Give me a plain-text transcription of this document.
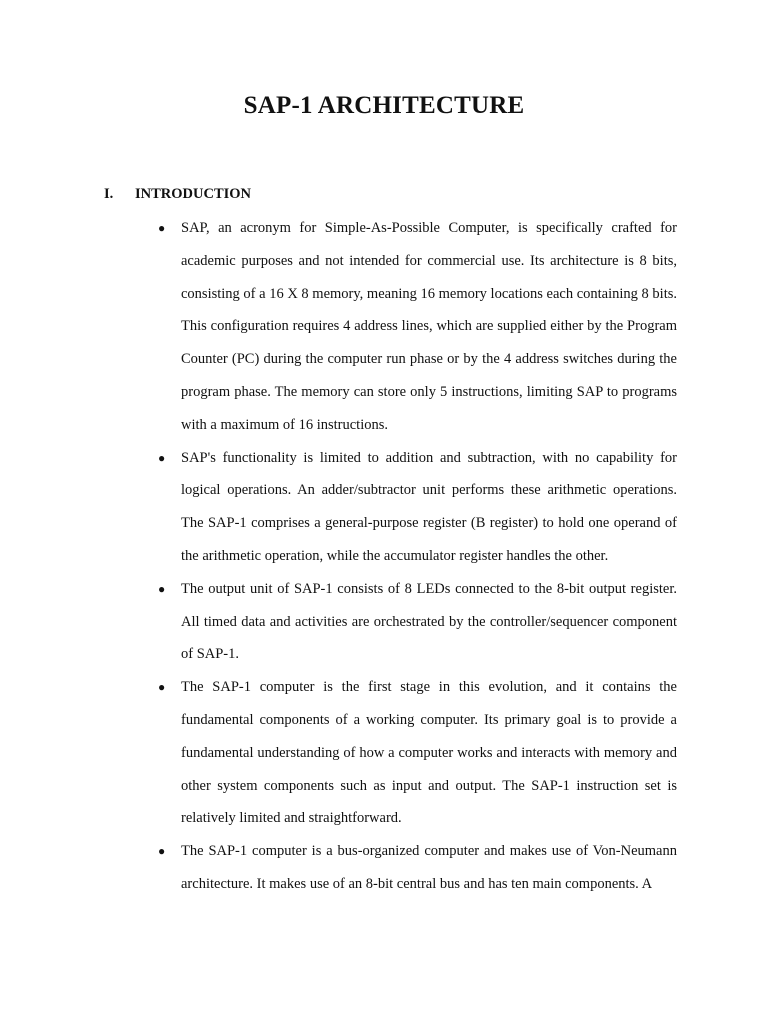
SAP-1 ARCHITECTURE
I.	INTRODUCTION
● SAP, an acronym for Simple-As-Possible Computer, is specifically crafted for academic purposes and not intended for commercial use. Its architecture is 8 bits, consisting of a 16 X 8 memory, meaning 16 memory locations each containing 8 bits. This configuration requires 4 address lines, which are supplied either by the Program Counter (PC) during the computer run phase or by the 4 address switches during the program phase. The memory can store only 5 instructions, limiting SAP to programs with a maximum of 16 instructions.
● SAP's functionality is limited to addition and subtraction, with no capability for logical operations. An adder/subtractor unit performs these arithmetic operations. The SAP-1 comprises a general-purpose register (B register) to hold one operand of the arithmetic operation, while the accumulator register handles the other.
● The output unit of SAP-1 consists of 8 LEDs connected to the 8-bit output register. All timed data and activities are orchestrated by the controller/sequencer component of SAP-1.
● The SAP-1 computer is the first stage in this evolution, and it contains the fundamental components of a working computer. Its primary goal is to provide a fundamental understanding of how a computer works and interacts with memory and other system components such as input and output. The SAP-1 instruction set is relatively limited and straightforward.
● The SAP-1 computer is a bus-organized computer and makes use of Von-Neumann architecture. It makes use of an 8-bit central bus and has ten main components. A
